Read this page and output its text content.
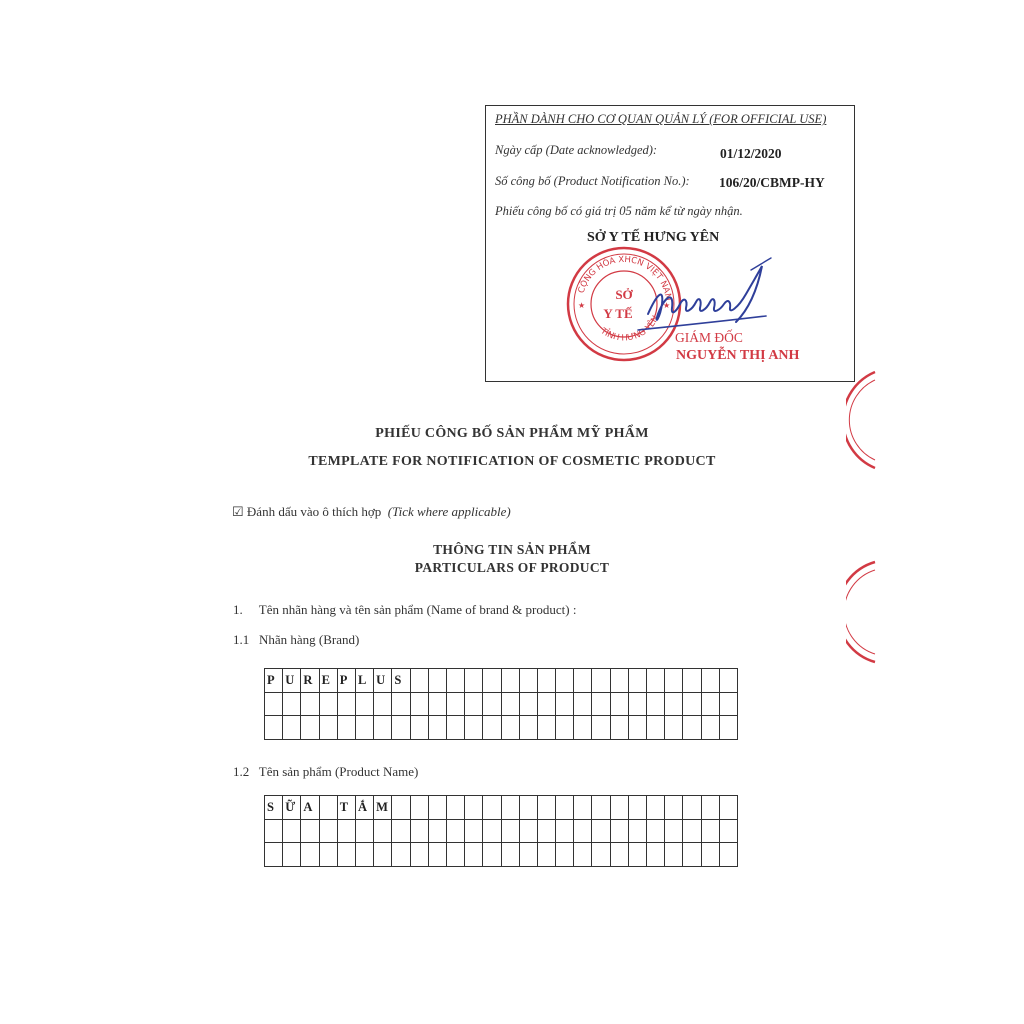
PHẦN DÀNH CHO CƠ QUAN QUẢN LÝ (FOR OFFICIAL USE)
Ngày cấp (Date acknowledged):	01/12/2020
Số công bố (Product Notification No.): 106/20/CBMP-HY
Phiếu công bố có giá trị 05 năm kể từ ngày nhận.
SỞ Y TẾ HƯNG YÊN
CỘNG HÒA XHCN VIỆT NAM
TỈNH HƯNG YÊN
SỞ
Y TẾ
★	★
GIÁM ĐỐC
NGUYỄN THỊ ANH
PHIẾU CÔNG BỐ SẢN PHẨM MỸ PHẨM
TEMPLATE FOR NOTIFICATION OF COSMETIC PRODUCT
☑ Đánh dấu vào ô thích hợp (Tick where applicable)
THÔNG TIN SẢN PHẨM
PARTICULARS OF PRODUCT
1. Tên nhãn hàng và tên sản phẩm (Name of brand & product) :
1.1 Nhãn hàng (Brand)
P U R E P L U S
1.2 Tên sản phẩm (Product Name)
S Ữ A	T Ắ M
